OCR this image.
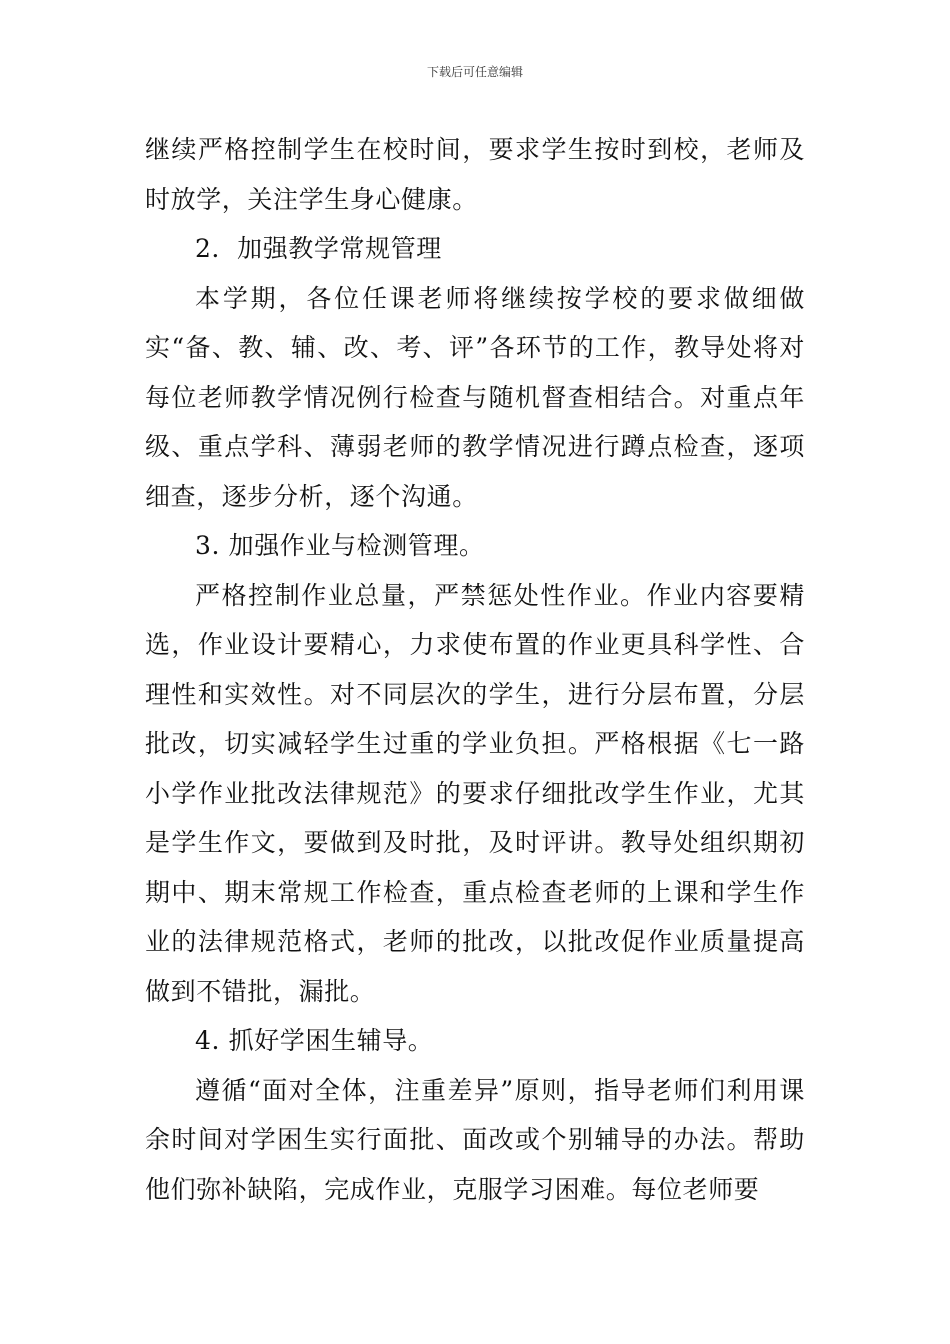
下载后可任意编辑

继续严格控制学生在校时间，要求学生按时到校，老师及时放学，关注学生身心健康。

2．加强教学常规管理

本学期，各位任课老师将继续按学校的要求做细做实“备、教、辅、改、考、评”各环节的工作，教导处将对每位老师教学情况例行检查与随机督查相结合。对重点年级、重点学科、薄弱老师的教学情况进行蹲点检查，逐项细查，逐步分析，逐个沟通。

3. 加强作业与检测管理。

严格控制作业总量，严禁惩处性作业。作业内容要精选，作业设计要精心，力求使布置的作业更具科学性、合理性和实效性。对不同层次的学生，进行分层布置，分层批改，切实减轻学生过重的学业负担。严格根据《七一路小学作业批改法律规范》的要求仔细批改学生作业，尤其是学生作文，要做到及时批，及时评讲。教导处组织期初期中、期末常规工作检查，重点检查老师的上课和学生作业的法律规范格式，老师的批改，以批改促作业质量提高做到不错批，漏批。

4. 抓好学困生辅导。

遵循“面对全体，注重差异”原则，指导老师们利用课余时间对学困生实行面批、面改或个别辅导的办法。帮助他们弥补缺陷，完成作业，克服学习困难。每位老师要
